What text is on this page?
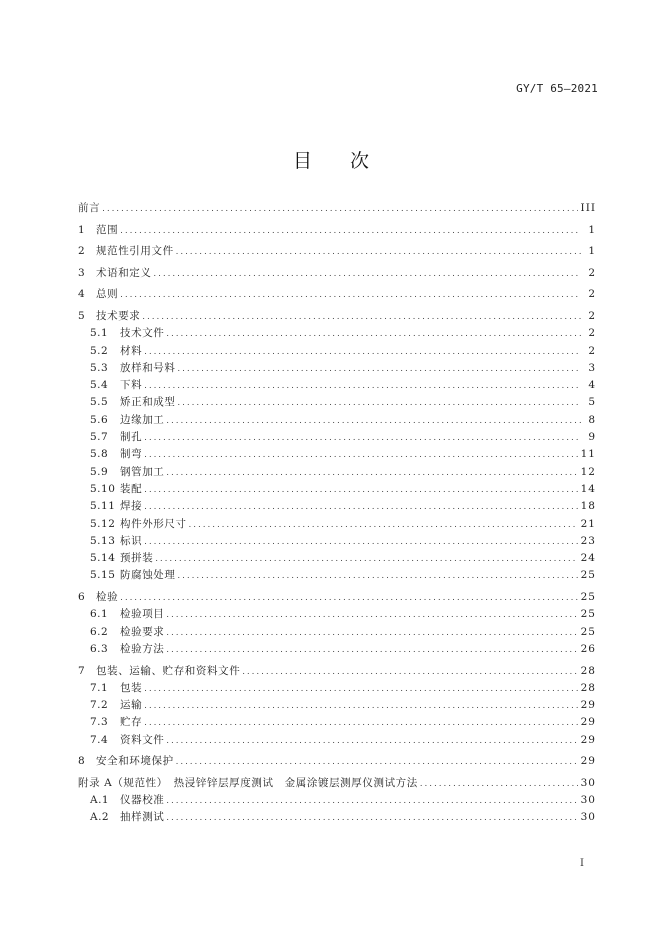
GY/T 65—2021
目 次
前言 .....	III
1	范围 .....	1
2	规范性引用文件 .....	1
3	术语和定义 .....	2
4	总则 .....	2
5	技术要求 .....	2
5.1	技术文件 .....	2
5.2	材料 .....	2
5.3	放样和号料 .....	3
5.4	下料 .....	4
5.5	矫正和成型 .....	5
5.6	边缘加工 .....	8
5.7	制孔 .....	9
5.8	制弯 .....	11
5.9	钢管加工 .....	12
5.10 装配 .....	14
5.11 焊接 .....	18
5.12 构件外形尺寸 .....	21
5.13 标识 .....	23
5.14 预拼装 .....	24
5.15 防腐蚀处理 .....	25
6	检验 .....	25
6.1	检验项目 .....	25
6.2	检验要求 .....	25
6.3	检验方法 .....	26
7	包装、运输、贮存和资料文件 .....	28
7.1	包装 .....	28
7.2	运输 .....	29
7.3	贮存 .....	29
7.4	资料文件 .....	29
8	安全和环境保护 .....	29
附录 A（规范性）　热浸锌锌层厚度测试　金属涂镀层测厚仪测试方法 .....	30
A.1	仪器校准 .....	30
A.2	抽样测试 .....	30
I
